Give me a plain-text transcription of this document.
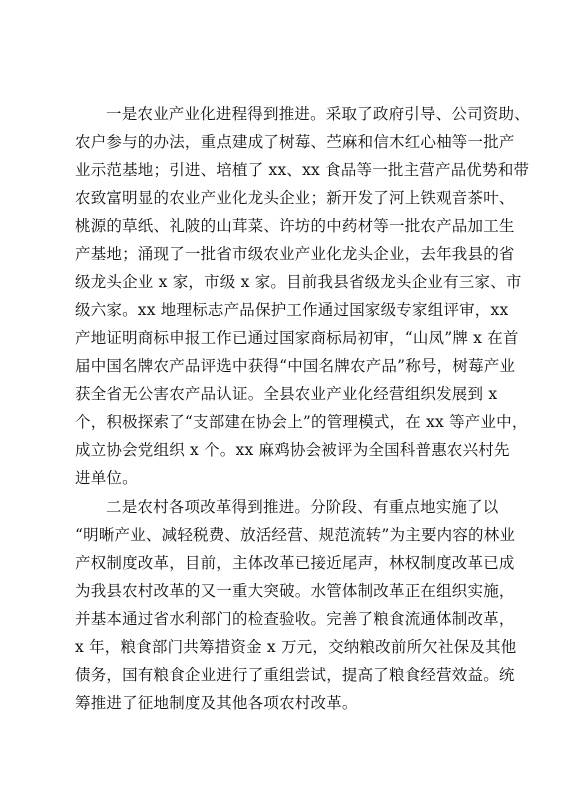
一是农业产业化进程得到推进。采取了政府引导、公司资助、
农户参与的办法，重点建成了树莓、苎麻和信木红心柚等一批产
业示范基地；引进、培植了 xx、xx 食品等一批主营产品优势和带
农致富明显的农业产业化龙头企业；新开发了河上铁观音茶叶、
桃源的草纸、礼陂的山茸菜、许坊的中药材等一批农产品加工生
产基地；涌现了一批省市级农业产业化龙头企业，去年我县的省
级龙头企业 x 家，市级 x 家。目前我县省级龙头企业有三家、市
级六家。xx 地理标志产品保护工作通过国家级专家组评审，xx
产地证明商标申报工作已通过国家商标局初审，“山凤”牌 x 在首
届中国名牌农产品评选中获得“中国名牌农产品”称号，树莓产业
获全省无公害农产品认证。全县农业产业化经营组织发展到 x
个，积极探索了“支部建在协会上”的管理模式，在 xx 等产业中，
成立协会党组织 x 个。xx 麻鸡协会被评为全国科普惠农兴村先
进单位。
二是农村各项改革得到推进。分阶段、有重点地实施了以
“明晰产业、减轻税费、放活经营、规范流转”为主要内容的林业
产权制度改革，目前，主体改革已接近尾声，林权制度改革已成
为我县农村改革的又一重大突破。水管体制改革正在组织实施，
并基本通过省水利部门的检查验收。完善了粮食流通体制改革，
x 年，粮食部门共筹措资金 x 万元，交纳粮改前所欠社保及其他
债务，国有粮食企业进行了重组尝试，提高了粮食经营效益。统
筹推进了征地制度及其他各项农村改革。
